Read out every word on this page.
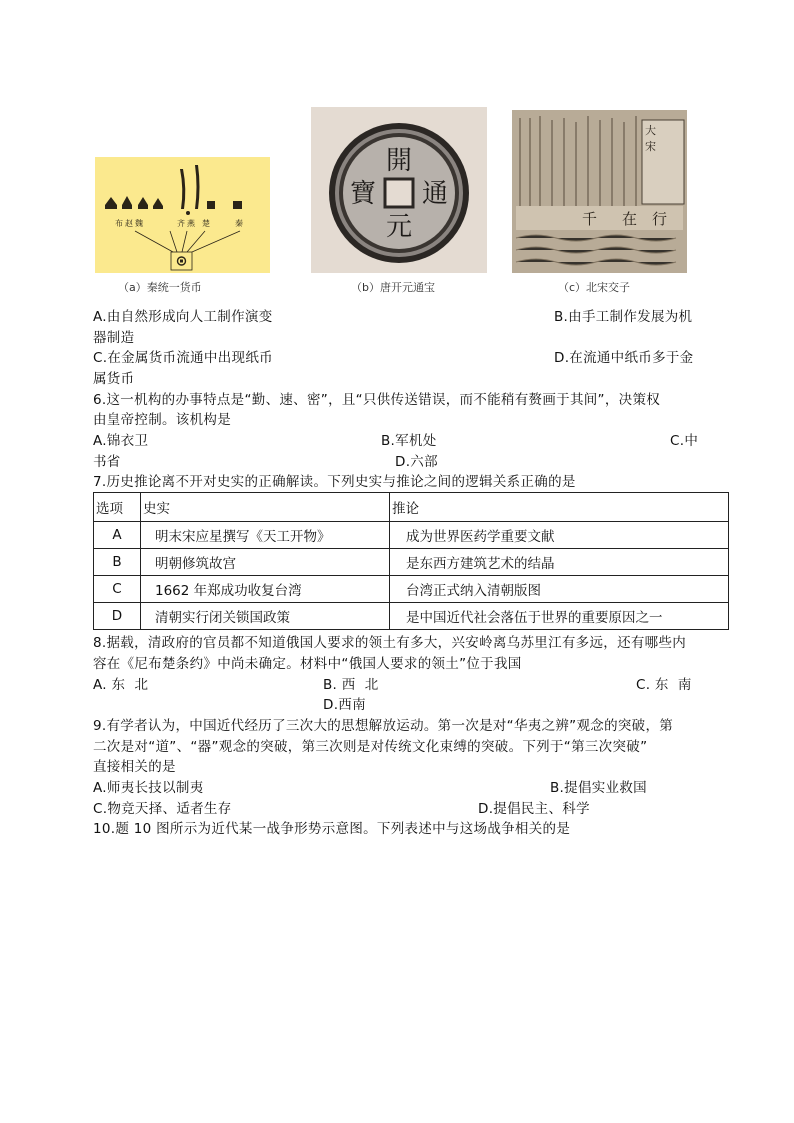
布 赵 魏	齐 燕 楚	秦
（a）秦统一货币
開
元
通
寶
（b）唐开元通宝
大
宋
千 在 行
（c）北宋交子
A.由自然形成向人工制作演变	B.由手工制作发展为机
器制造
C.在金属货币流通中出现纸币	D.在流通中纸币多于金
属货币
6.这一机构的办事特点是“勤、速、密”，且“只供传送错误，而不能稍有赘画于其间”，决策权
由皇帝控制。该机构是
A.锦衣卫	B.军机处	C.中
书省	D.六部
7.历史推论离不开对史实的正确解读。下列史实与推论之间的逻辑关系正确的是
选项	史实	推论
A	明末宋应星撰写《天工开物》	成为世界医药学重要文献
B	明朝修筑故宫	是东西方建筑艺术的结晶
C	1662 年郑成功收复台湾	台湾正式纳入清朝版图
D	清朝实行闭关锁国政策	是中国近代社会落伍于世界的重要原因之一
8.据载，清政府的官员都不知道俄国人要求的领土有多大，兴安岭离乌苏里江有多远，还有哪些内
容在《尼布楚条约》中尚未确定。材料中“俄国人要求的领土”位于我国
A. 东  北	B. 西  北	C. 东  南
D.西南
9.有学者认为，中国近代经历了三次大的思想解放运动。第一次是对“华夷之辨”观念的突破，第
二次是对“道”、“器”观念的突破，第三次则是对传统文化束缚的突破。下列于“第三次突破”
直接相关的是
A.师夷长技以制夷	B.提倡实业救国
C.物竞天择、适者生存	D.提倡民主、科学
10.题 10 图所示为近代某一战争形势示意图。下列表述中与这场战争相关的是
